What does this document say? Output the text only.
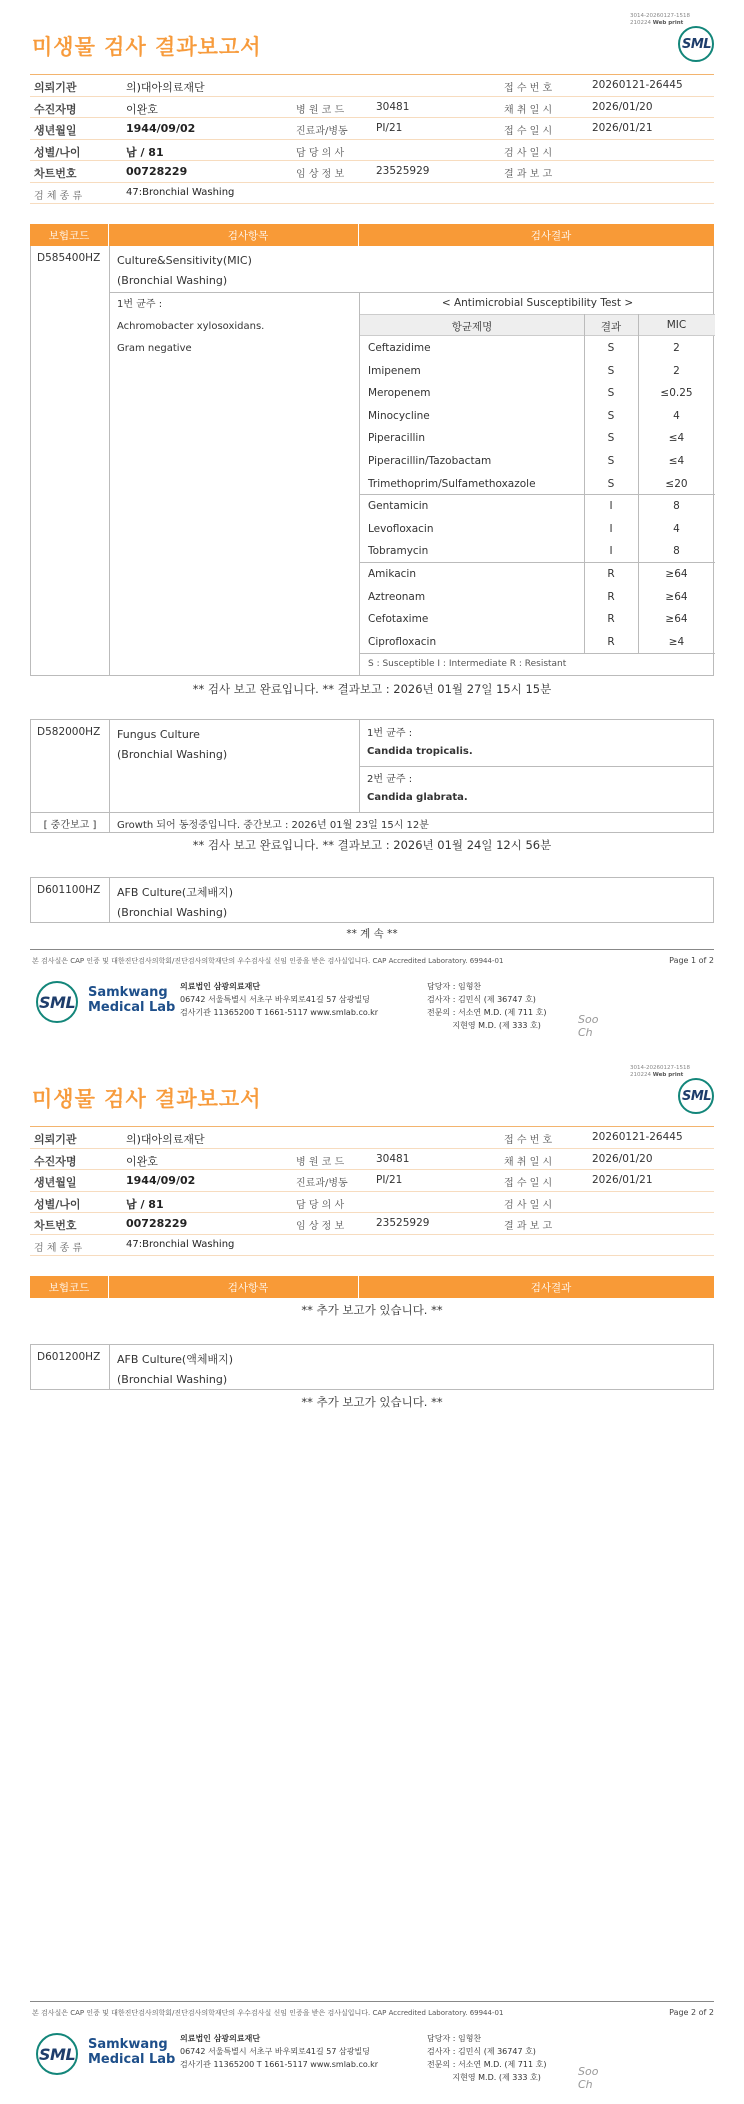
3014-20260127-1518
210224 Web print
미생물 검사 결과보고서	SML
의뢰기관	의)대아의료재단	접 수 번 호	20260121-26445
수진자명	이완호	병 원 코 드	30481	채 취 일 시	2026/01/20
생년월일	1944/09/02	진료과/병동	PI/21	접 수 일 시	2026/01/21
성별/나이	남 / 81	담 당 의 사	검 사 일 시
차트번호	00728229	임 상 정 보	23525929	결 과 보 고
검 체 종 류	47:Bronchial Washing
보험코드	검사항목	검사결과
D585400HZ Culture&Sensitivity(MIC)
(Bronchial Washing)
1번 균주 :
Achromobacter xylosoxidans.
Gram negative
< Antimicrobial Susceptibility Test >
항균제명	결과	MIC
Ceftazidime	S	2
Imipenem	S	2
Meropenem	S	≤0.25
Minocycline	S	4
Piperacillin	S	≤4
Piperacillin/Tazobactam	S	≤4
Trimethoprim/Sulfamethoxazole	S	≤20
Gentamicin	I	8
Levofloxacin	I	4
Tobramycin	I	8
Amikacin	R	≥64
Aztreonam	R	≥64
Cefotaxime	R	≥64
Ciprofloxacin	R	≥4
S : Susceptible I : Intermediate R : Resistant
** 검사 보고 완료입니다. ** 결과보고 : 2026년 01월 27일 15시 15분
D582000HZ Fungus Culture
(Bronchial Washing)
1번 균주 :
Candida tropicalis.
2번 균주 :
Candida glabrata.
[ 중간보고 ]	Growth 되어 동정중입니다. 중간보고 : 2026년 01월 23일 15시 12분
** 검사 보고 완료입니다. ** 결과보고 : 2026년 01월 24일 12시 56분
D601100HZ AFB Culture(고체배지)
(Bronchial Washing)
** 계 속 **
본 검사실은 CAP 인증 및 대한진단검사의학회/진단검사의학재단의 우수검사실 신임 인증을 받은 검사실입니다. CAP Accredited Laboratory. 69944-01	Page 1 of 2
SML
Samkwang
Medical Lab
의료법인 삼광의료재단
06742 서울특별시 서초구 바우뫼로41길 57 삼광빌딩
검사기관 11365200 T 1661-5117 www.smlab.co.kr
담당자 : 임형찬
검사자 : 김민식 (제 36747 호)
전문의 : 서소연 M.D. (제 711 호)
지현영 M.D. (제 333 호)	Soo
Ch
3014-20260127-1518
210224 Web print
미생물 검사 결과보고서	SML
의뢰기관	의)대아의료재단	접 수 번 호	20260121-26445
수진자명	이완호	병 원 코 드	30481	채 취 일 시	2026/01/20
생년월일	1944/09/02	진료과/병동	PI/21	접 수 일 시	2026/01/21
성별/나이	남 / 81	담 당 의 사	검 사 일 시
차트번호	00728229	임 상 정 보	23525929	결 과 보 고
검 체 종 류	47:Bronchial Washing
보험코드	검사항목	검사결과
** 추가 보고가 있습니다. **
D601200HZ AFB Culture(액체배지)
(Bronchial Washing)
** 추가 보고가 있습니다. **
본 검사실은 CAP 인증 및 대한진단검사의학회/진단검사의학재단의 우수검사실 신임 인증을 받은 검사실입니다. CAP Accredited Laboratory. 69944-01	Page 2 of 2
SML
Samkwang
Medical Lab
의료법인 삼광의료재단
06742 서울특별시 서초구 바우뫼로41길 57 삼광빌딩
검사기관 11365200 T 1661-5117 www.smlab.co.kr
담당자 : 임형찬
검사자 : 김민식 (제 36747 호)
전문의 : 서소연 M.D. (제 711 호)
지현영 M.D. (제 333 호)	Soo
Ch
